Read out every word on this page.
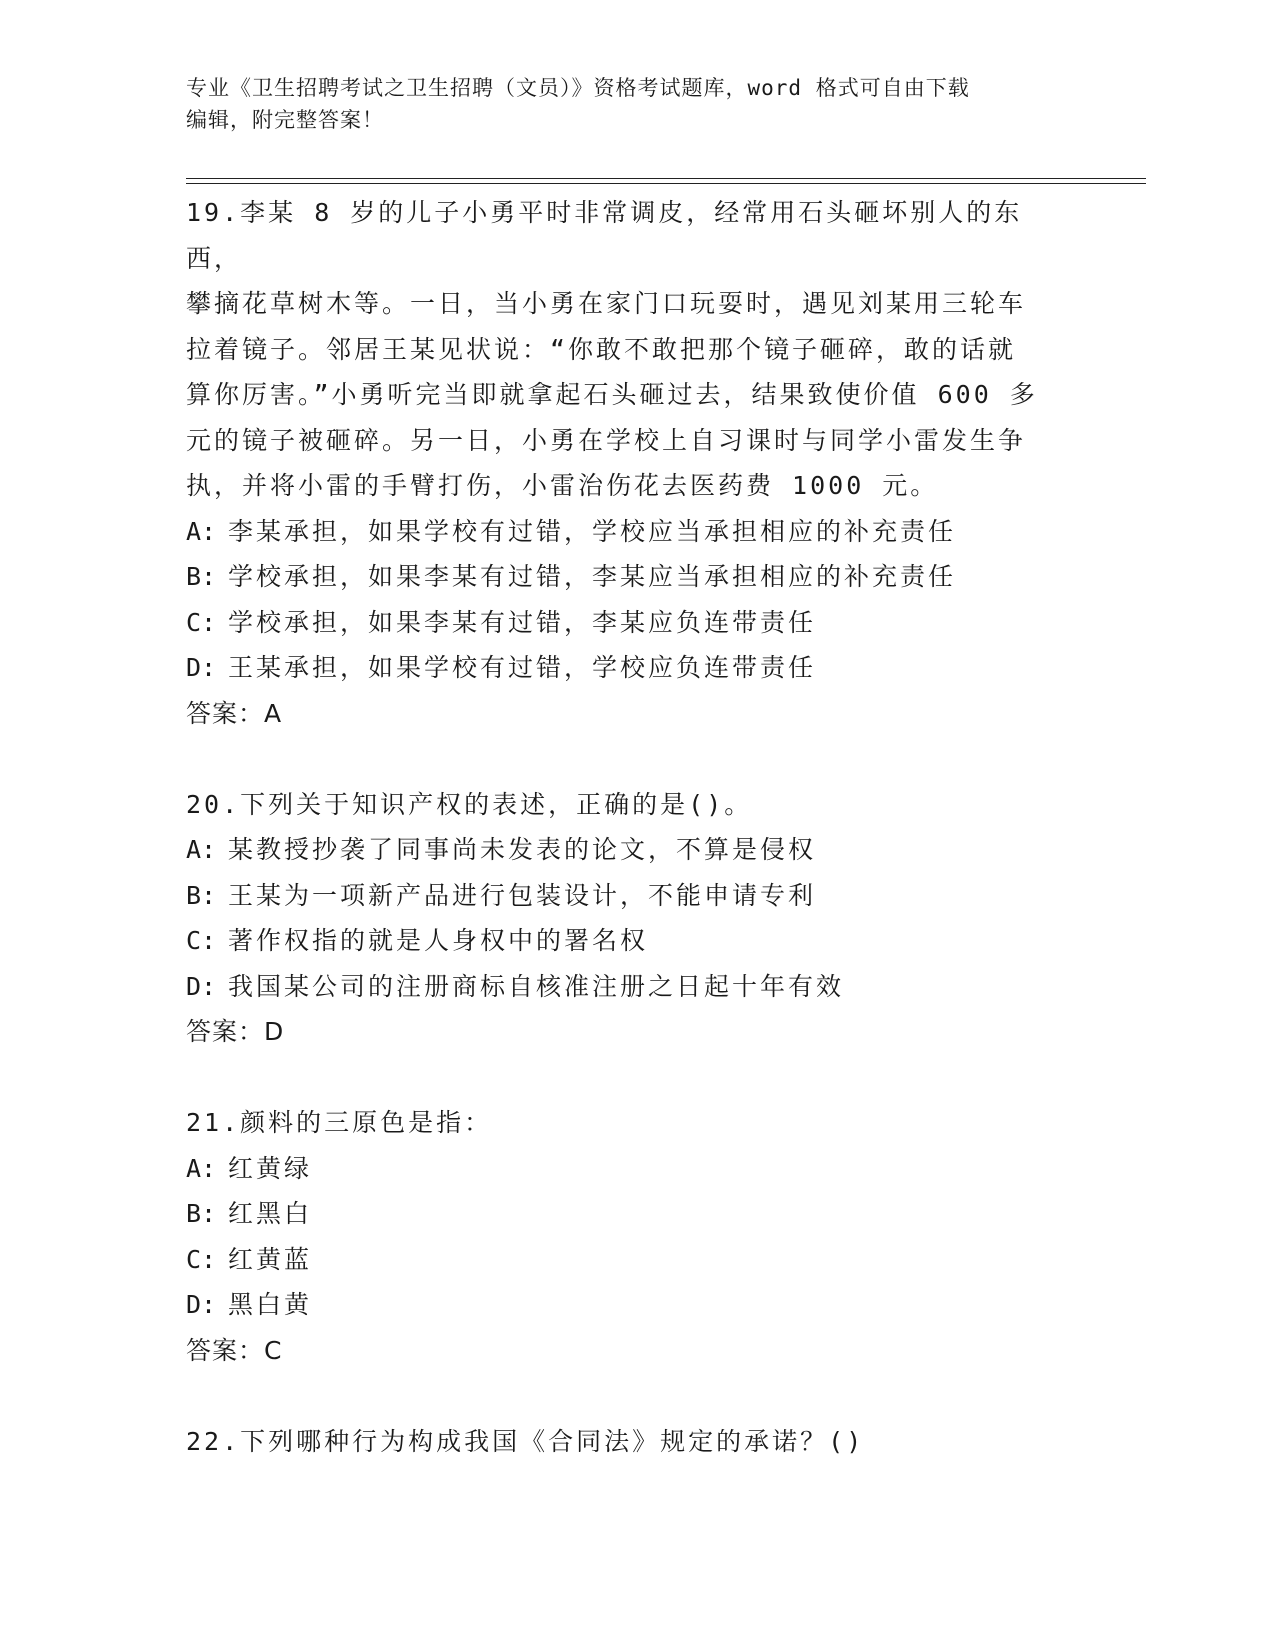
专业《卫生招聘考试之卫生招聘（文员）》资格考试题库，word 格式可自由下载
编辑，附完整答案！

19.李某 8 岁的儿子小勇平时非常调皮，经常用石头砸坏别人的东西，

攀摘花草树木等。一日，当小勇在家门口玩耍时，遇见刘某用三轮车

拉着镜子。邻居王某见状说：“你敢不敢把那个镜子砸碎，敢的话就

算你厉害。”小勇听完当即就拿起石头砸过去，结果致使价值 600 多

元的镜子被砸碎。另一日，小勇在学校上自习课时与同学小雷发生争

执，并将小雷的手臂打伤，小雷治伤花去医药费 1000 元。

A: 李某承担，如果学校有过错，学校应当承担相应的补充责任

B: 学校承担，如果李某有过错，李某应当承担相应的补充责任

C: 学校承担，如果李某有过错，李某应负连带责任

D: 王某承担，如果学校有过错，学校应负连带责任

答案：A

20.下列关于知识产权的表述，正确的是()。

A: 某教授抄袭了同事尚未发表的论文，不算是侵权

B: 王某为一项新产品进行包装设计，不能申请专利

C: 著作权指的就是人身权中的署名权

D: 我国某公司的注册商标自核准注册之日起十年有效

答案：D

21.颜料的三原色是指：

A: 红黄绿

B: 红黑白

C: 红黄蓝

D: 黑白黄

答案：C

22.下列哪种行为构成我国《合同法》规定的承诺？()
